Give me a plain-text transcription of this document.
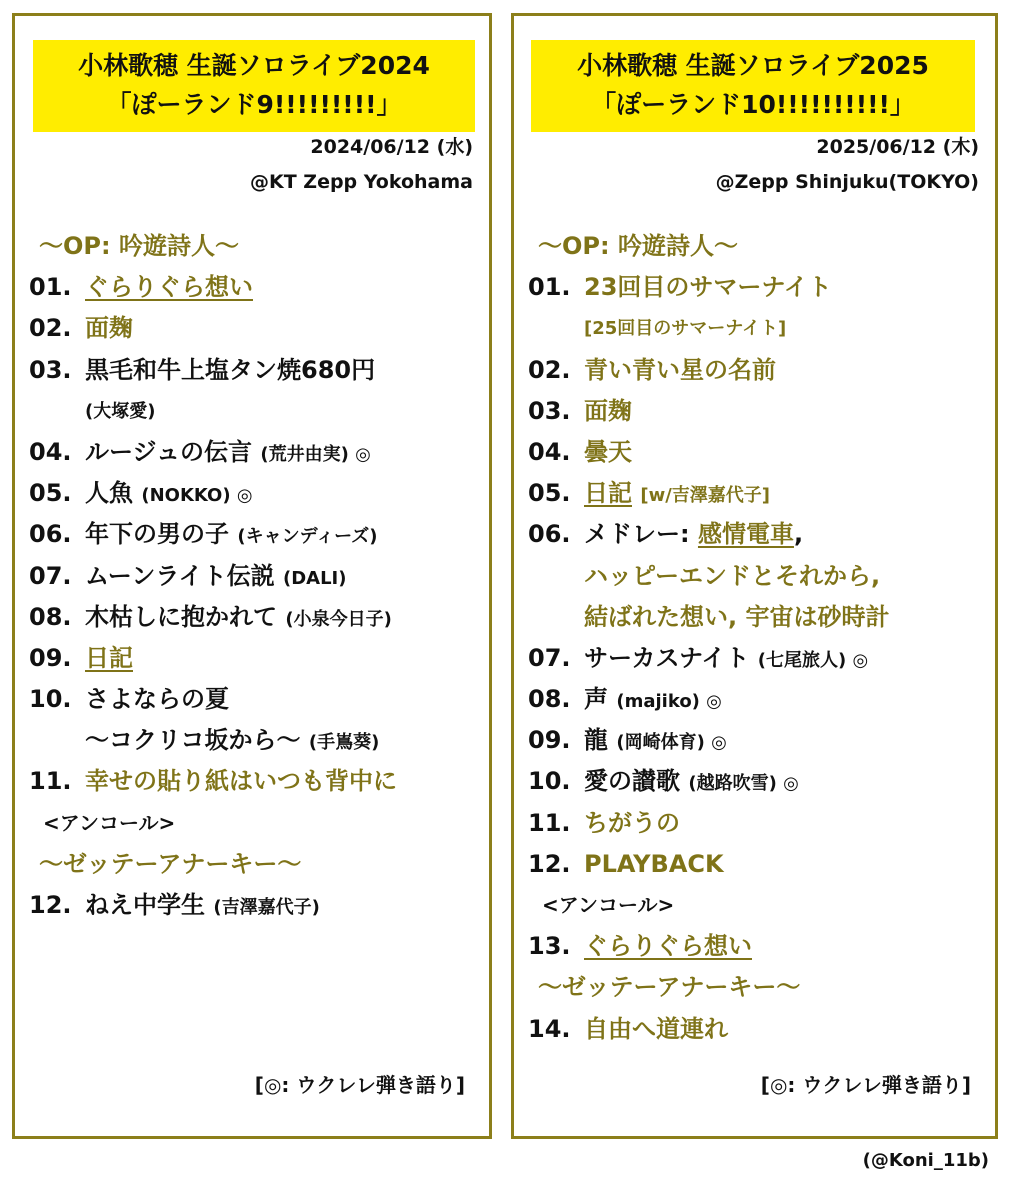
小林歌穂 生誕ソロライブ2024
「ぽーランド9!!!!!!!!!」
2024/06/12 (水)
@KT Zepp Yokohama
〜OP: 吟遊詩人〜
01. ぐらりぐら想い
02. 面麹
03. 黒毛和牛上塩タン焼680円
(大塚愛)
04. ルージュの伝言 (荒井由実) ◎
05. 人魚 (NOKKO) ◎
06. 年下の男の子 (キャンディーズ)
07. ムーンライト伝説 (DALI)
08. 木枯しに抱かれて (小泉今日子)
09. 日記
10. さよならの夏
〜コクリコ坂から〜 (手嶌葵)
11. 幸せの貼り紙はいつも背中に
<アンコール>
〜ゼッテーアナーキー〜
12. ねえ中学生 (吉澤嘉代子)
[◎: ウクレレ弾き語り]
小林歌穂 生誕ソロライブ2025
「ぽーランド10!!!!!!!!!!」
2025/06/12 (木)
@Zepp Shinjuku(TOKYO)
〜OP: 吟遊詩人〜
01. 23回目のサマーナイト
[25回目のサマーナイト]
02. 青い青い星の名前
03. 面麹
04. 曇天
05. 日記 [w/吉澤嘉代子]
06. メドレー: 感情電車,
ハッピーエンドとそれから,
結ばれた想い, 宇宙は砂時計
07. サーカスナイト (七尾旅人) ◎
08. 声 (majiko) ◎
09. 龍 (岡崎体育) ◎
10. 愛の讃歌 (越路吹雪) ◎
11. ちがうの
12. PLAYBACK
<アンコール>
13. ぐらりぐら想い
〜ゼッテーアナーキー〜
14. 自由へ道連れ
[◎: ウクレレ弾き語り]
(@Koni_11b)
